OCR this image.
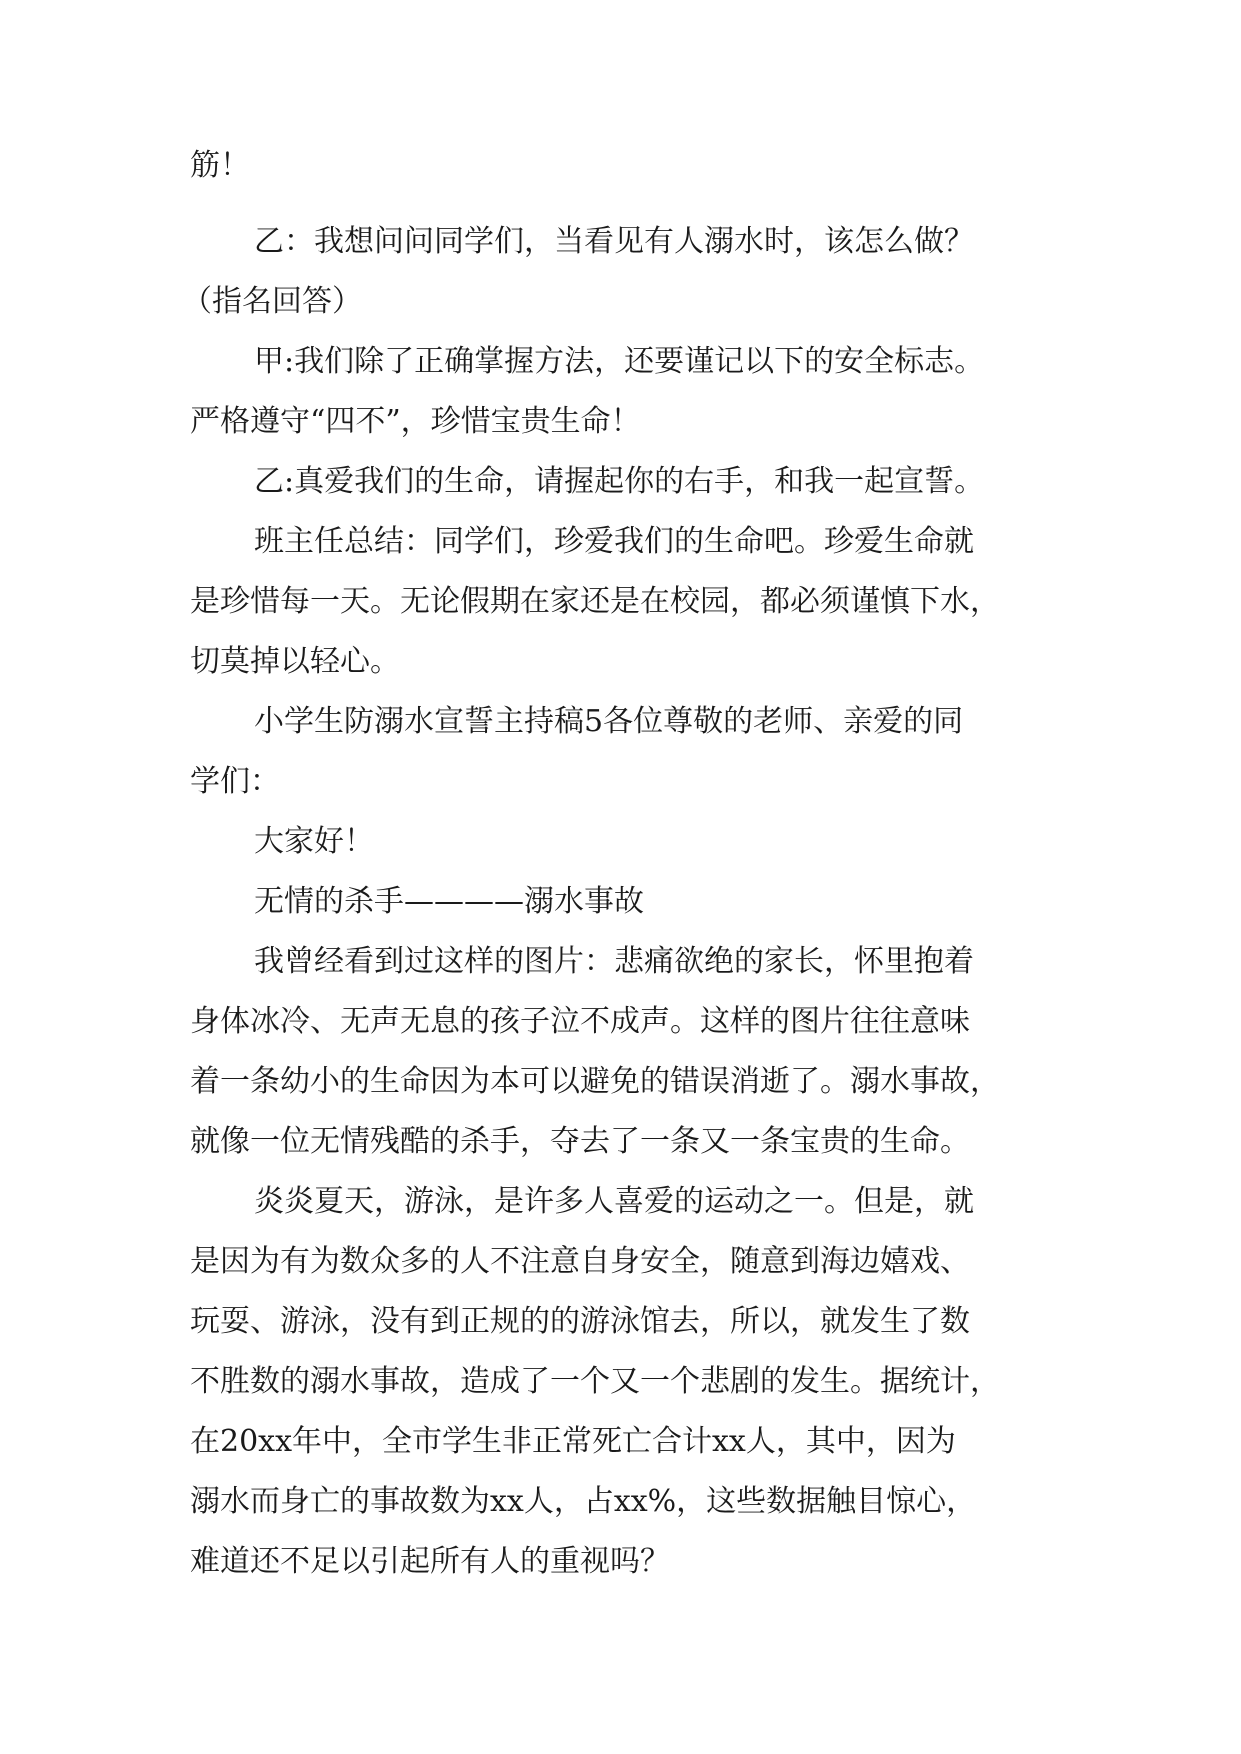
筋！
乙：我想问问同学们，当看见有人溺水时，该怎么做？
（指名回答）
甲:我们除了正确掌握方法，还要谨记以下的安全标志。
严格遵守“四不”，珍惜宝贵生命！
乙:真爱我们的生命，请握起你的右手，和我一起宣誓。
班主任总结：同学们，珍爱我们的生命吧。珍爱生命就
是珍惜每一天。无论假期在家还是在校园，都必须谨慎下水，
切莫掉以轻心。
小学生防溺水宣誓主持稿5各位尊敬的老师、亲爱的同
学们：
大家好！
无情的杀手————溺水事故
我曾经看到过这样的图片：悲痛欲绝的家长，怀里抱着
身体冰冷、无声无息的孩子泣不成声。这样的图片往往意味
着一条幼小的生命因为本可以避免的错误消逝了。溺水事故，
就像一位无情残酷的杀手，夺去了一条又一条宝贵的生命。
炎炎夏天，游泳，是许多人喜爱的运动之一。但是，就
是因为有为数众多的人不注意自身安全，随意到海边嬉戏、
玩耍、游泳，没有到正规的的游泳馆去，所以，就发生了数
不胜数的溺水事故，造成了一个又一个悲剧的发生。据统计，
在20xx年中，全市学生非正常死亡合计xx人，其中，因为
溺水而身亡的事故数为xx人，占xx%，这些数据触目惊心，
难道还不足以引起所有人的重视吗？
